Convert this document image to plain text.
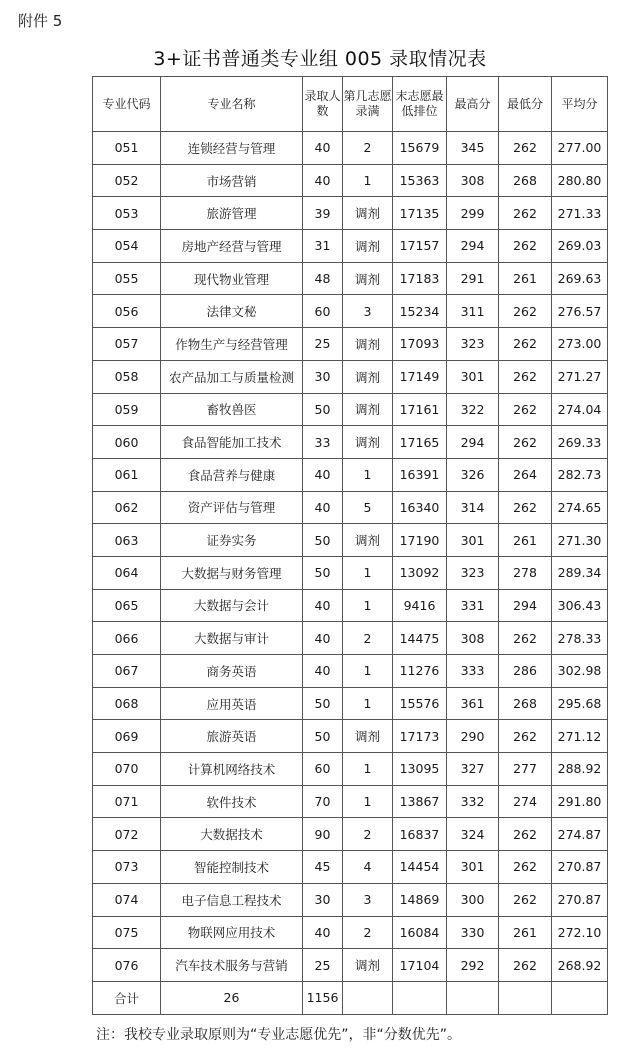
附件 5
3+证书普通类专业组 005 录取情况表
专业代码	专业名称	录取人数	第几志愿录满	末志愿最低排位	最高分	最低分	平均分
051	连锁经营与管理	40	2	15679	345	262	277.00
052	市场营销	40	1	15363	308	268	280.80
053	旅游管理	39	调剂	17135	299	262	271.33
054	房地产经营与管理	31	调剂	17157	294	262	269.03
055	现代物业管理	48	调剂	17183	291	261	269.63
056	法律文秘	60	3	15234	311	262	276.57
057	作物生产与经营管理	25	调剂	17093	323	262	273.00
058	农产品加工与质量检测	30	调剂	17149	301	262	271.27
059	畜牧兽医	50	调剂	17161	322	262	274.04
060	食品智能加工技术	33	调剂	17165	294	262	269.33
061	食品营养与健康	40	1	16391	326	264	282.73
062	资产评估与管理	40	5	16340	314	262	274.65
063	证券实务	50	调剂	17190	301	261	271.30
064	大数据与财务管理	50	1	13092	323	278	289.34
065	大数据与会计	40	1	9416	331	294	306.43
066	大数据与审计	40	2	14475	308	262	278.33
067	商务英语	40	1	11276	333	286	302.98
068	应用英语	50	1	15576	361	268	295.68
069	旅游英语	50	调剂	17173	290	262	271.12
070	计算机网络技术	60	1	13095	327	277	288.92
071	软件技术	70	1	13867	332	274	291.80
072	大数据技术	90	2	16837	324	262	274.87
073	智能控制技术	45	4	14454	301	262	270.87
074	电子信息工程技术	30	3	14869	300	262	270.87
075	物联网应用技术	40	2	16084	330	261	272.10
076	汽车技术服务与营销	25	调剂	17104	292	262	268.92
合计	26	1156					
注：我校专业录取原则为“专业志愿优先”，非“分数优先”。
